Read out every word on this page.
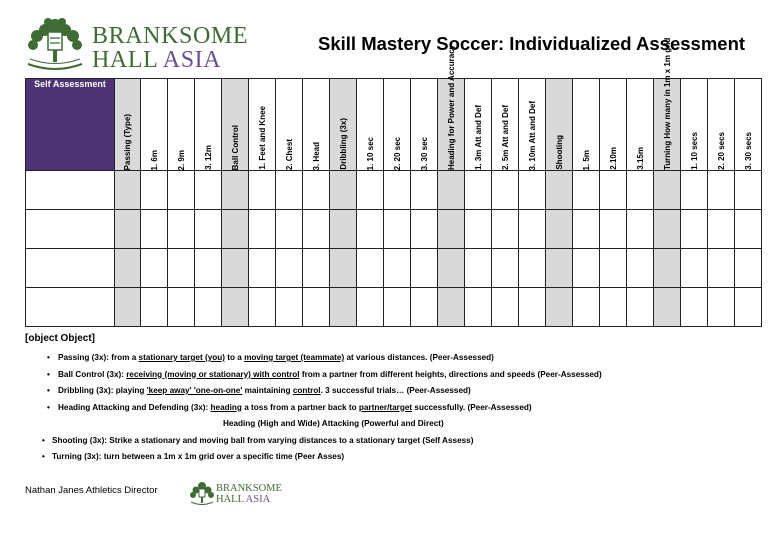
BRANKSOME
HALL ASIA
Skill Mastery Soccer: Individualized Assessment
Self Assessment	Passing (Type)	1. 6m	2. 9m	3. 12m	Ball Control	1. Feet and Knee	2. Chest	3. Head	Dribbling (3x)	1. 10 sec	2. 20 sec	3. 30 sec	Heading for Power and Accuracy	1. 3m Att and Def	2. 5m Att and Def	3. 10m Att and Def	Shooting	1. 5m	2.10m	3.15m	Turning How many in 1m x 1m grid	1. 10 secs	2. 20 secs	3. 30 secs

[object Object]
• Passing (3x): from a stationary target (you) to a moving target (teammate) at various distances. (Peer-Assessed)
• Ball Control (3x): receiving (moving or stationary) with control from a partner from different heights, directions and speeds (Peer-Assessed)
• Dribbling (3x): playing 'keep away' 'one-on-one' maintaining control. 3 successful trials… (Peer-Assessed)
• Heading Attacking and Defending (3x): heading a toss from a partner back to partner/target successfully. (Peer-Assessed)
Heading (High and Wide) Attacking (Powerful and Direct)
• Shooting (3x): Strike a stationary and moving ball from varying distances to a stationary target (Self Assess)
• Turning (3x): turn between a 1m x 1m grid over a specific time (Peer Asses)
Nathan Janes Athletics Director	BRANKSOME
HALL ASIA
